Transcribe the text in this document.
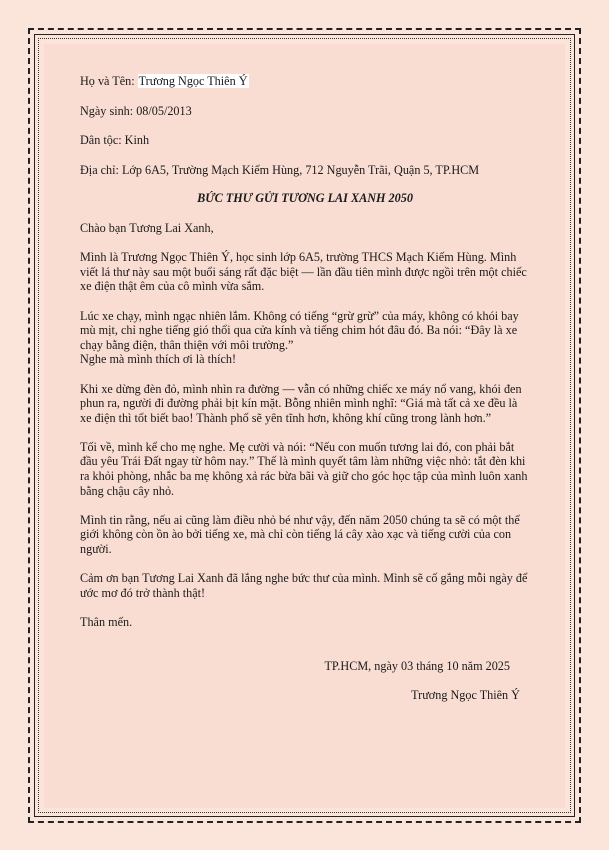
Họ và Tên: Trương Ngọc Thiên Ý
Ngày sinh: 08/05/2013
Dân tộc: Kinh
Địa chỉ: Lớp 6A5, Trường Mạch Kiếm Hùng, 712 Nguyễn Trãi, Quận 5, TP.HCM
BỨC THƯ GỬI TƯƠNG LAI XANH 2050

Chào bạn Tương Lai Xanh,

Mình là Trương Ngọc Thiên Ý, học sinh lớp 6A5, trường THCS Mạch Kiếm Hùng. Mình viết lá thư này sau một buổi sáng rất đặc biệt — lần đầu tiên mình được ngồi trên một chiếc xe điện thật êm của cô mình vừa sắm.

Lúc xe chạy, mình ngạc nhiên lắm. Không có tiếng “grừ grừ” của máy, không có khói bay mù mịt, chỉ nghe tiếng gió thổi qua cửa kính và tiếng chim hót đâu đó. Ba nói: “Đây là xe chạy bằng điện, thân thiện với môi trường.”
Nghe mà mình thích ơi là thích!

Khi xe dừng đèn đỏ, mình nhìn ra đường — vẫn có những chiếc xe máy nổ vang, khói đen phun ra, người đi đường phải bịt kín mặt. Bỗng nhiên mình nghĩ: “Giá mà tất cả xe đều là xe điện thì tốt biết bao! Thành phố sẽ yên tĩnh hơn, không khí cũng trong lành hơn.”

Tối về, mình kể cho mẹ nghe. Mẹ cười và nói: “Nếu con muốn tương lai đó, con phải bắt đầu yêu Trái Đất ngay từ hôm nay.” Thế là mình quyết tâm làm những việc nhỏ: tắt đèn khi ra khỏi phòng, nhắc ba mẹ không xả rác bừa bãi và giữ cho góc học tập của mình luôn xanh bằng chậu cây nhỏ.

Mình tin rằng, nếu ai cũng làm điều nhỏ bé như vậy, đến năm 2050 chúng ta sẽ có một thế giới không còn ồn ào bởi tiếng xe, mà chỉ còn tiếng lá cây xào xạc và tiếng cười của con người.

Cảm ơn bạn Tương Lai Xanh đã lắng nghe bức thư của mình. Mình sẽ cố gắng mỗi ngày để ước mơ đó trở thành thật!

Thân mến.

TP.HCM, ngày 03 tháng 10 năm 2025
Trương Ngọc Thiên Ý
